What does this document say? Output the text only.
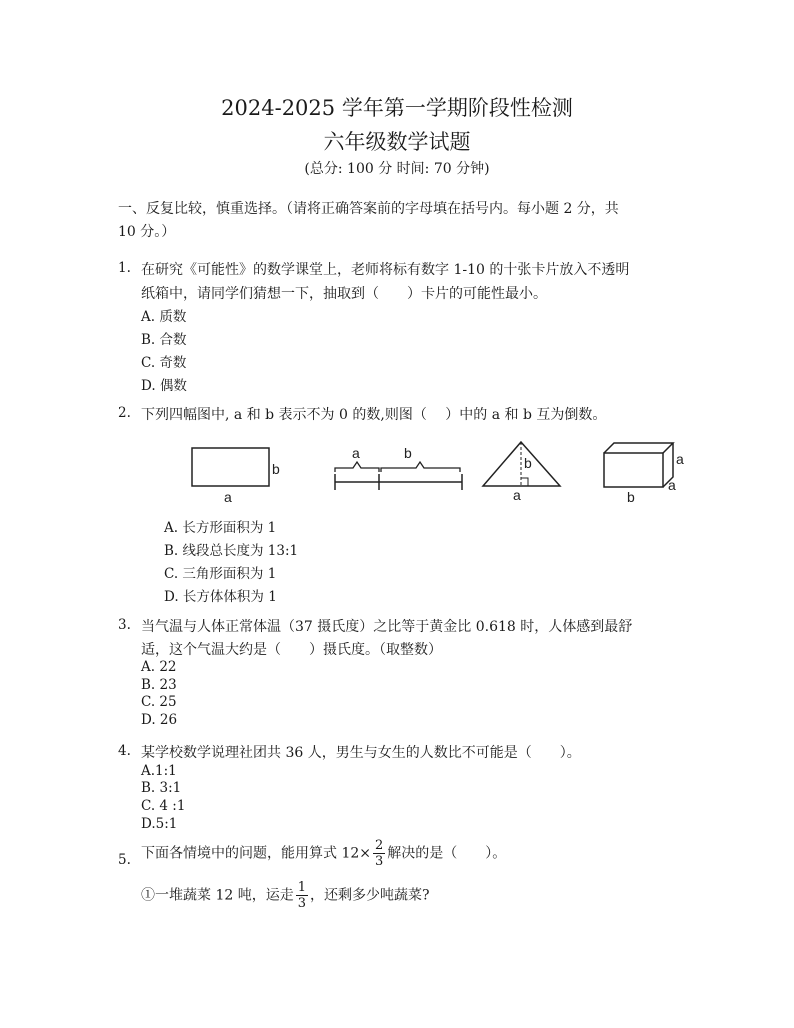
2024-2025 学年第一学期阶段性检测
六年级数学试题
(总分: 100 分 时间: 70 分钟)
一、反复比较，慎重选择。（请将正确答案前的字母填在括号内。每小题 2 分，共
10 分。）
1. 在研究《可能性》的数学课堂上，老师将标有数字 1-10 的十张卡片放入不透明
纸箱中，请同学们猜想一下，抽取到（　　）卡片的可能性最小。
A. 质数
B. 合数
C. 奇数
D. 偶数
2. 下列四幅图中, a 和 b 表示不为 0 的数,则图（　 ）中的 a 和 b 互为倒数。
b
a
a	b
b
a
a
a
b
A. 长方形面积为 1
B. 线段总长度为 13:1
C. 三角形面积为 1
D. 长方体体积为 1
3. 当气温与人体正常体温（37 摄氏度）之比等于黄金比 0.618 时，人体感到最舒
适，这个气温大约是（　　）摄氏度。（取整数）
A. 22
B. 23
C. 25
D. 26
4. 某学校数学说理社团共 36 人，男生与女生的人数比不可能是（　　）。
A.1:1
B. 3:1
C. 4 :1
D.5:1
5. 下面各情境中的问题，能用算式 $12\times \frac{2}{3}$ 解决的是（　　）。
①一堆蔬菜 12 吨，运走 $\frac{1}{3}$ ，还剩多少吨蔬菜?
